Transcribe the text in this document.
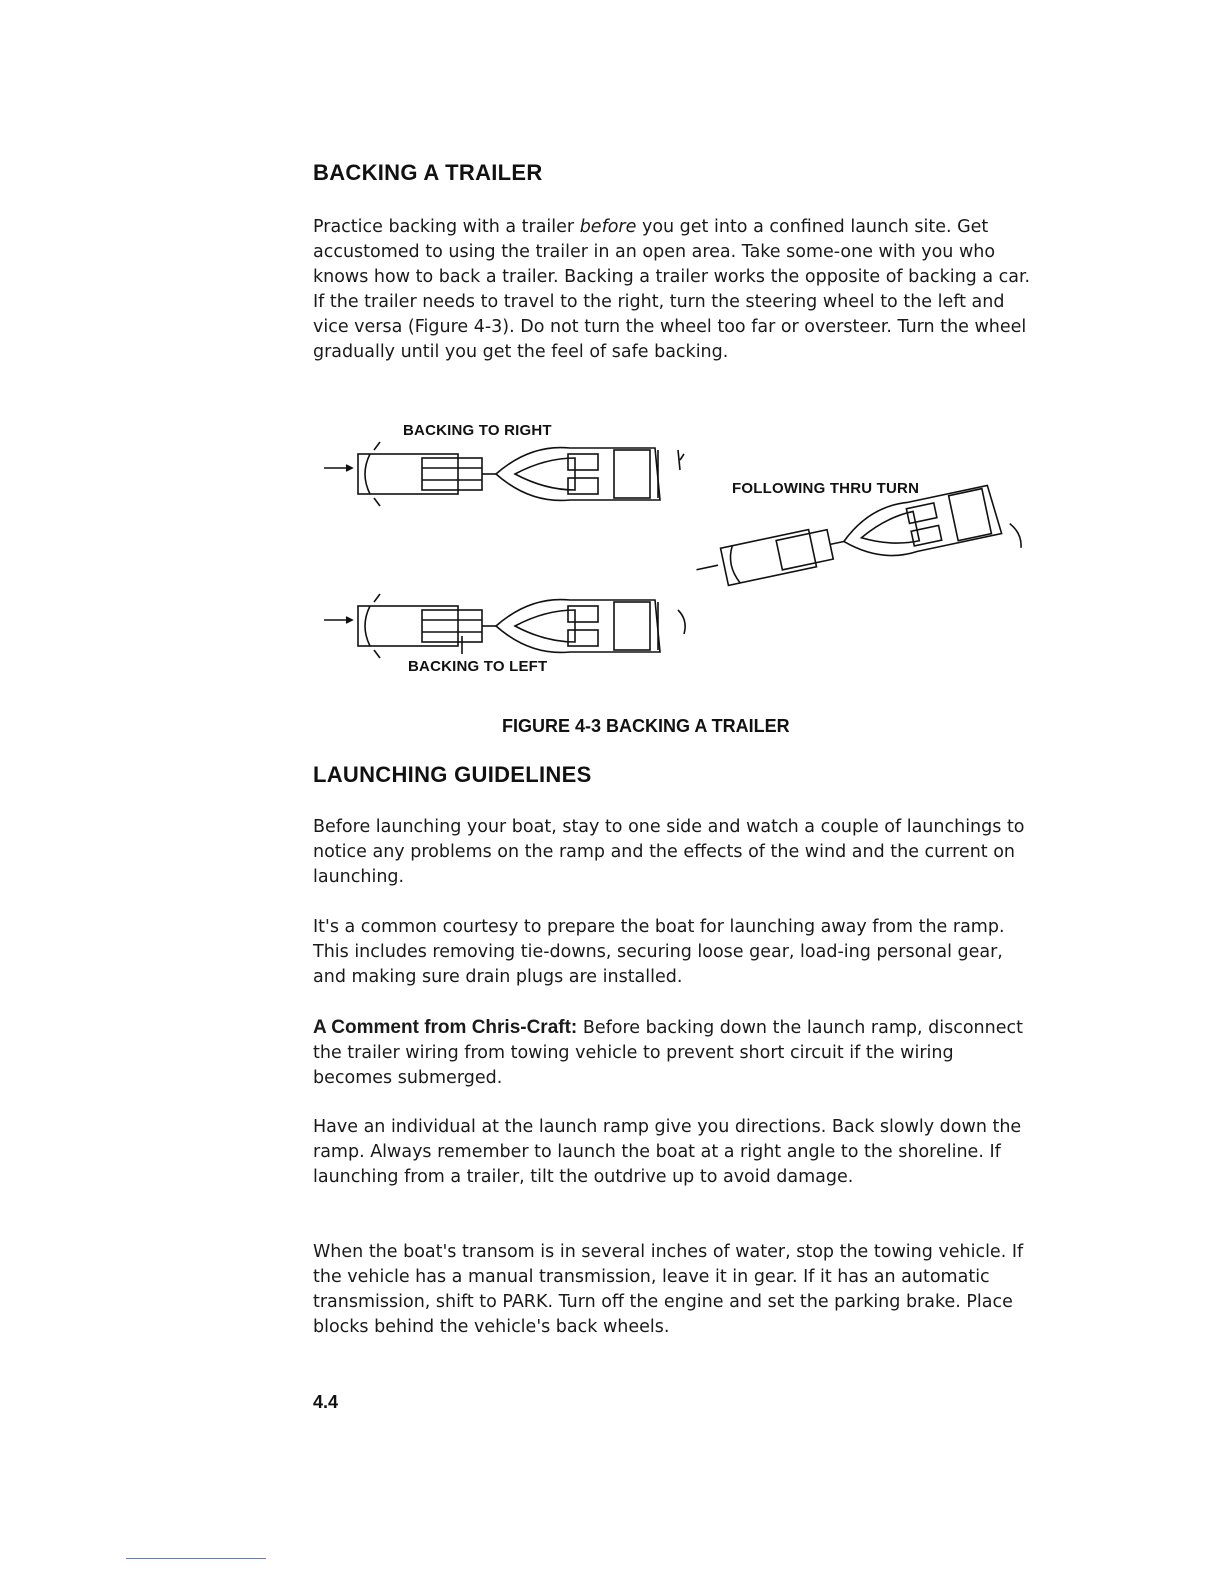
BACKING A TRAILER

Practice backing with a trailer before you get into a confined launch site. Get accustomed to using the trailer in an open area. Take some-one with you who knows how to back a trailer. Backing a trailer works the opposite of backing a car. If the trailer needs to travel to the right, turn the steering wheel to the left and vice versa (Figure 4-3). Do not turn the wheel too far or oversteer. Turn the wheel gradually until you get the feel of safe backing.

BACKING TO RIGHT
FOLLOWING THRU TURN
BACKING TO LEFT
FIGURE 4-3 BACKING A TRAILER
LAUNCHING GUIDELINES

Before launching your boat, stay to one side and watch a couple of launchings to notice any problems on the ramp and the effects of the wind and the current on launching.

It's a common courtesy to prepare the boat for launching away from the ramp. This includes removing tie-downs, securing loose gear, load-ing personal gear, and making sure drain plugs are installed.

A Comment from Chris-Craft: Before backing down the launch ramp, disconnect the trailer wiring from towing vehicle to prevent short circuit if the wiring becomes submerged.

Have an individual at the launch ramp give you directions. Back slowly down the ramp. Always remember to launch the boat at a right angle to the shoreline. If launching from a trailer, tilt the outdrive up to avoid damage.

When the boat's transom is in several inches of water, stop the towing vehicle. If the vehicle has a manual transmission, leave it in gear. If it has an automatic transmission, shift to PARK. Turn off the engine and set the parking brake. Place blocks behind the vehicle's back wheels.

4.4
